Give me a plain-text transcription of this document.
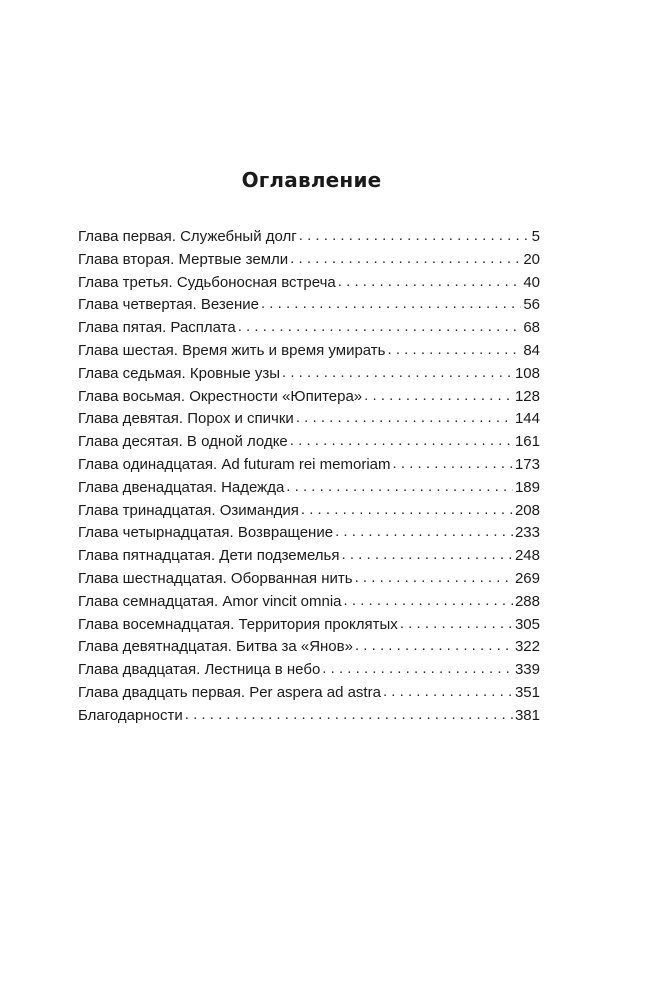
Оглавление
Глава первая. Служебный долг . . .	5
Глава вторая. Мертвые земли . . .	20
Глава третья. Судьбоносная встреча . . .	40
Глава четвертая. Везение . . .	56
Глава пятая. Расплата . . .	68
Глава шестая. Время жить и время умирать . . .	84
Глава седьмая. Кровные узы . . .	108
Глава восьмая. Окрестности «Юпитера» . . .	128
Глава девятая. Порох и спички . . .	144
Глава десятая. В одной лодке . . .	161
Глава одинадцатая. Ad futuram rei memoriam . . .	173
Глава двенадцатая. Надежда . . .	189
Глава тринадцатая. Озимандия . . .	208
Глава четырнадцатая. Возвращение . . .	233
Глава пятнадцатая. Дети подземелья . . .	248
Глава шестнадцатая. Оборванная нить . . .	269
Глава семнадцатая. Amor vincit omnia . . .	288
Глава восемнадцатая. Территория проклятых . . .	305
Глава девятнадцатая. Битва за «Янов» . . .	322
Глава двадцатая. Лестница в небо . . .	339
Глава двадцать первая. Per aspera ad astra . . .	351
Благодарности . . .	381
